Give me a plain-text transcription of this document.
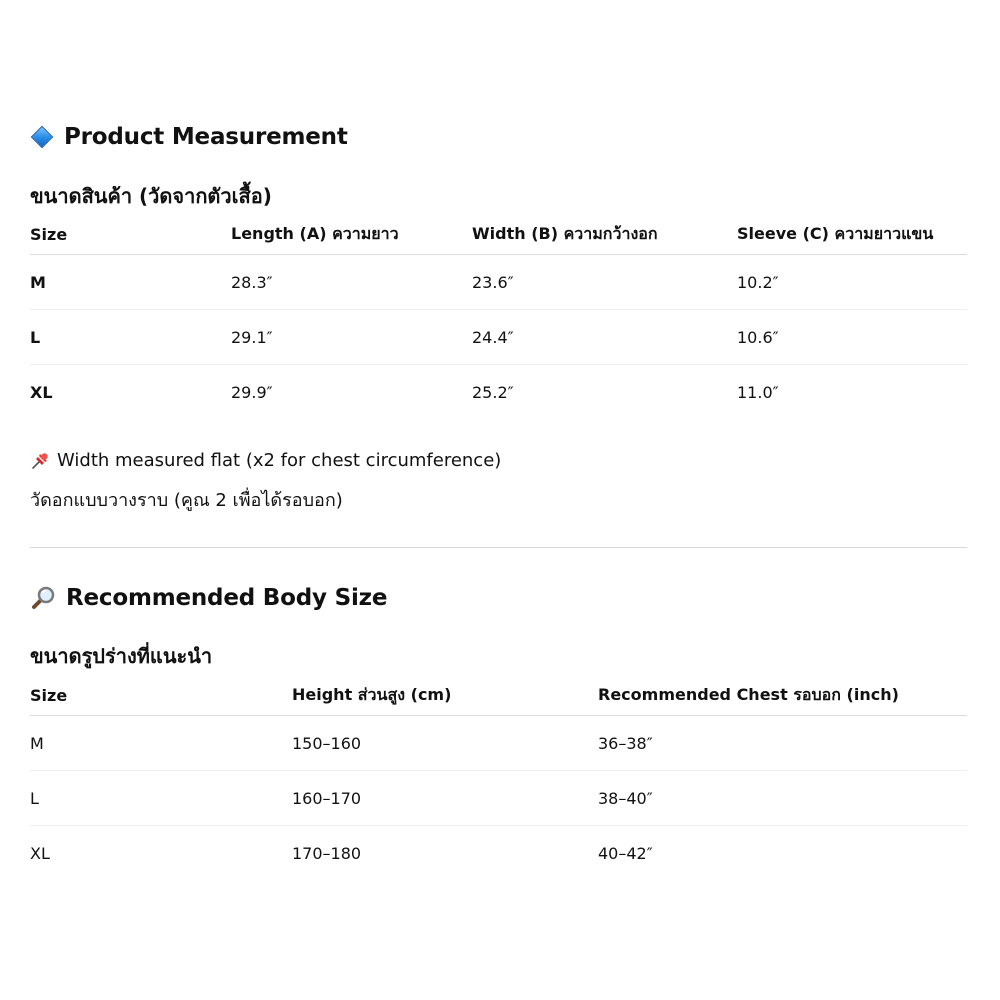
Product Measurement
ขนาดสินค้า (วัดจากตัวเสื้อ)
Size	Length (A) ความยาว	Width (B) ความกว้างอก	Sleeve (C) ความยาวแขน
M	28.3″	23.6″	10.2″
L	29.1″	24.4″	10.6″
XL	29.9″	25.2″	11.0″
Width measured flat (x2 for chest circumference)
วัดอกแบบวางราบ (คูณ 2 เพื่อได้รอบอก)
Recommended Body Size
ขนาดรูปร่างที่แนะนำ
Size	Height ส่วนสูง (cm)	Recommended Chest รอบอก (inch)
M	150–160	36–38″
L	160–170	38–40″
XL	170–180	40–42″
